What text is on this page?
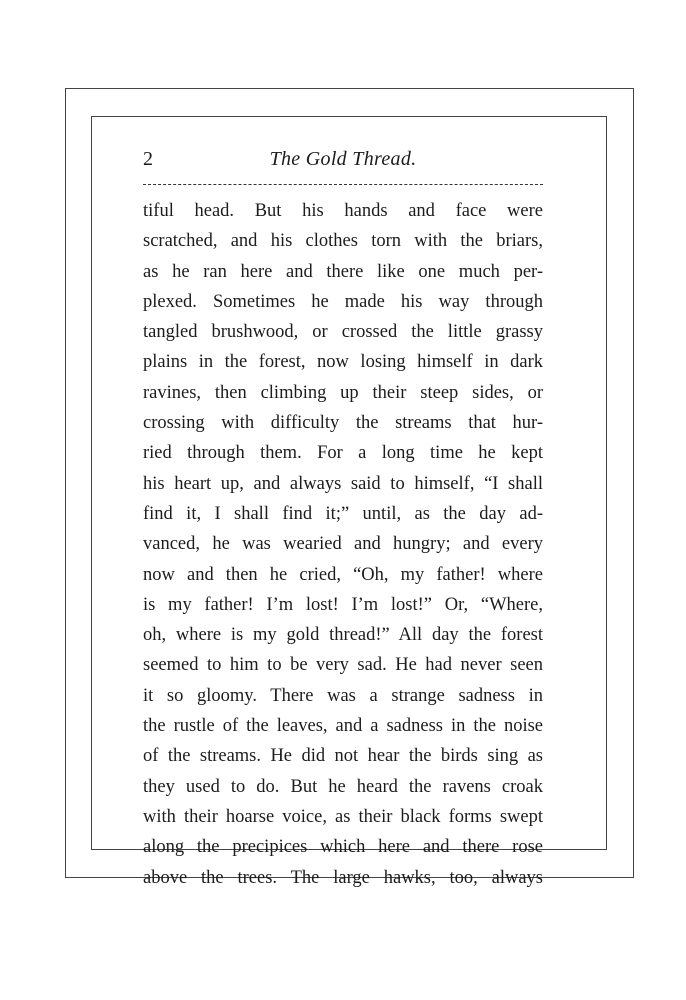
2	The Gold Thread.
tiful head. But his hands and face were
scratched, and his clothes torn with the briars,
as he ran here and there like one much per-
plexed. Sometimes he made his way through
tangled brushwood, or crossed the little grassy
plains in the forest, now losing himself in dark
ravines, then climbing up their steep sides, or
crossing with difficulty the streams that hur-
ried through them. For a long time he kept
his heart up, and always said to himself, “I shall
find it, I shall find it;” until, as the day ad-
vanced, he was wearied and hungry; and every
now and then he cried, “Oh, my father! where
is my father! I’m lost! I’m lost!” Or, “Where,
oh, where is my gold thread!” All day the forest
seemed to him to be very sad. He had never seen
it so gloomy. There was a strange sadness in
the rustle of the leaves, and a sadness in the noise
of the streams. He did not hear the birds sing as
they used to do. But he heard the ravens croak
with their hoarse voice, as their black forms swept
along the precipices which here and there rose
above the trees. The large hawks, too, always
